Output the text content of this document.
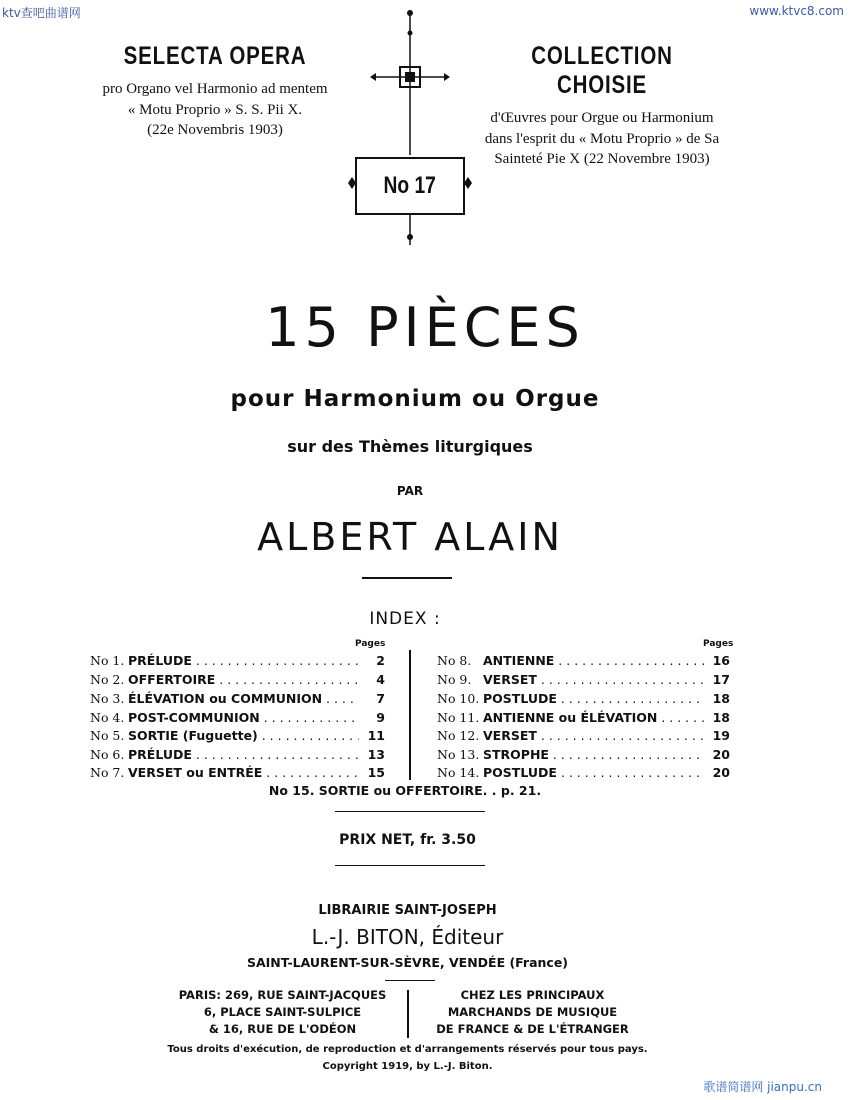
ktv查吧曲谱网	www.ktvc8.com
SELECTA OPERA
pro Organo vel Harmonio ad mentem
« Motu Proprio » S. S. Pii X.
(22e Novembris 1903)
COLLECTION CHOISIE
d'Œuvres pour Orgue ou Harmonium
dans l'esprit du « Motu Proprio » de Sa
Sainteté Pie X (22 Novembre 1903)
No 17
15 PIÈCES
pour Harmonium ou Orgue
sur des Thèmes liturgiques
PAR
ALBERT ALAIN
INDEX :
Pages	Pages
No 1. PRÉLUDE . . .	2
No 2. OFFERTOIRE . . .	4
No 3. ÉLÉVATION ou COMMUNION . . .	7
No 4. POST-COMMUNION . . .	9
No 5. SORTIE (Fuguette) . . .	11
No 6. PRÉLUDE . . .	13
No 7. VERSET ou ENTRÉE . . .	15
No 8. ANTIENNE . . .	16
No 9. VERSET . . .	17
No 10. POSTLUDE . . .	18
No 11. ANTIENNE ou ÉLÉVATION . . .	18
No 12. VERSET . . .	19
No 13. STROPHE . . .	20
No 14. POSTLUDE . . .	20
No 15. SORTIE ou OFFERTOIRE. . p. 21.
PRIX NET, fr. 3.50
LIBRAIRIE SAINT-JOSEPH
L.-J. BITON, Éditeur
SAINT-LAURENT-SUR-SÈVRE, VENDÉE (France)
PARIS: 269, RUE SAINT-JACQUES
6, PLACE SAINT-SULPICE
& 16, RUE DE L'ODÉON
CHEZ LES PRINCIPAUX
MARCHANDS DE MUSIQUE
DE FRANCE & DE L'ÉTRANGER
Tous droits d'exécution, de reproduction et d'arrangements réservés pour tous pays.
Copyright 1919, by L.-J. Biton.
歌谱简谱网 jianpu.cn
